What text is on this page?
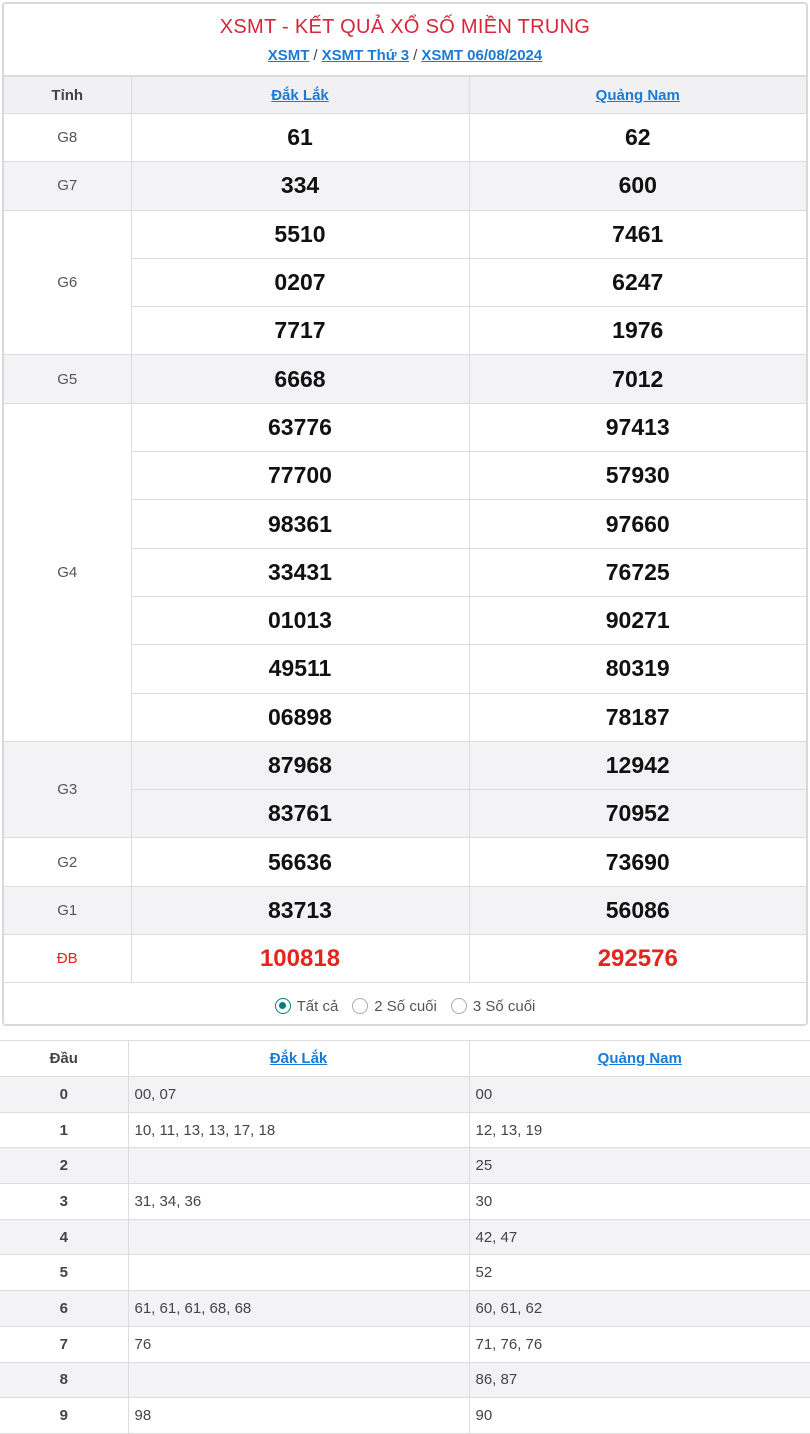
XSMT - KẾT QUẢ XỔ SỐ MIỀN TRUNG
XSMT / XSMT Thứ 3 / XSMT 06/08/2024
Tỉnh	Đắk Lắk	Quảng Nam
G8	61	62
G7	334	600
G6	5510	7461
	0207	6247
	7717	1976
G5	6668	7012
G4	63776	97413
	77700	57930
	98361	97660
	33431	76725
	01013	90271
	49511	80319
	06898	78187
G3	87968	12942
	83761	70952
G2	56636	73690
G1	83713	56086
ĐB	100818	292576
Tất cả 2 Số cuối 3 Số cuối
Đầu	Đắk Lắk	Quảng Nam
0	00, 07	00
1	10, 11, 13, 13, 17, 18	12, 13, 19
2		25
3	31, 34, 36	30
4		42, 47
5		52
6	61, 61, 61, 68, 68	60, 61, 62
7	76	71, 76, 76
8		86, 87
9	98	90
